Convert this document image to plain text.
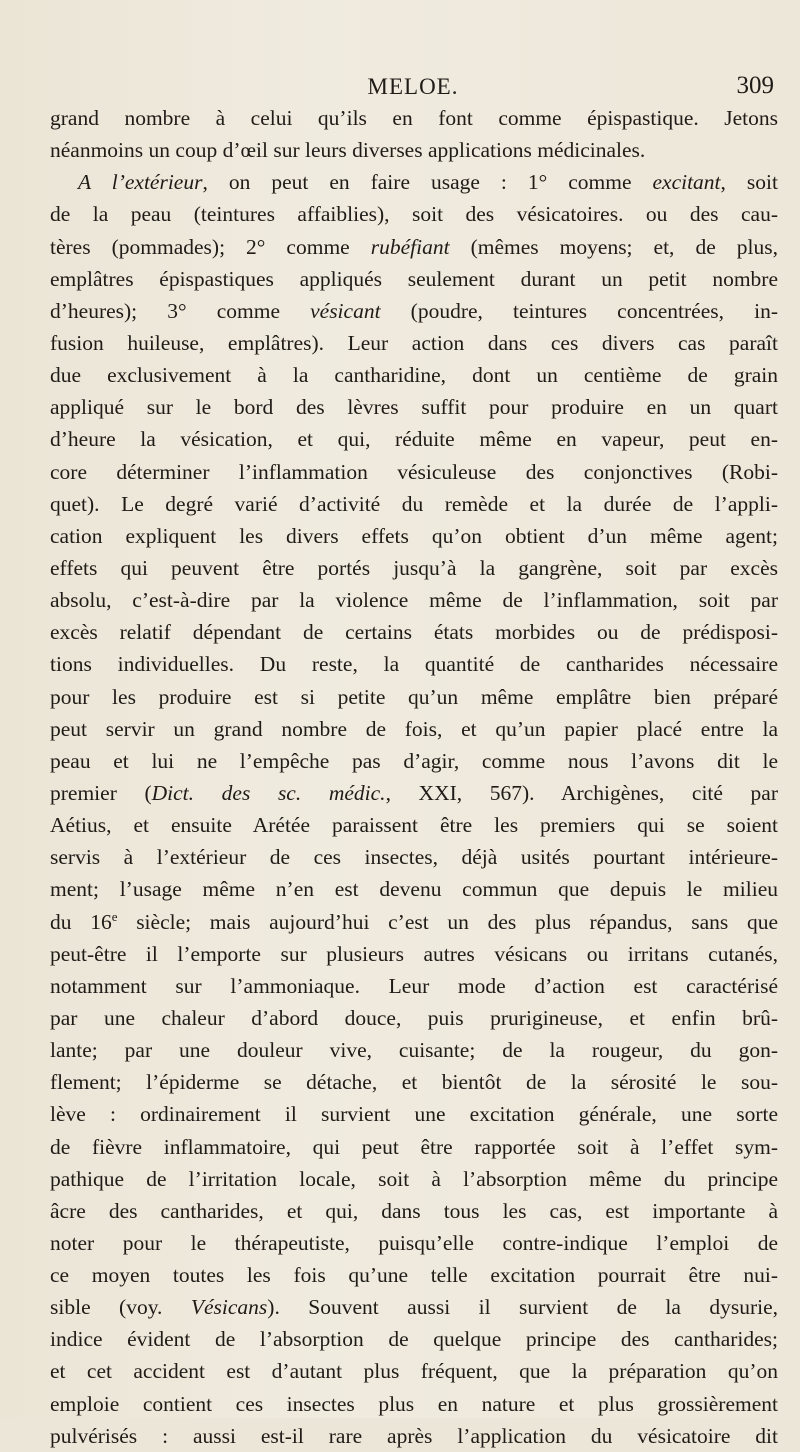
MELOE.	309
grand nombre à celui qu’ils en font comme épispastique. Jetons
néanmoins un coup d’œil sur leurs diverses applications médicinales.
A l’extérieur, on peut en faire usage : 1° comme excitant, soit
de la peau (teintures affaiblies), soit des vésicatoires. ou des cau-
tères (pommades); 2° comme rubéfiant (mêmes moyens; et, de plus,
emplâtres épispastiques appliqués seulement durant un petit nombre
d’heures); 3° comme vésicant (poudre, teintures concentrées, in-
fusion huileuse, emplâtres). Leur action dans ces divers cas paraît
due exclusivement à la cantharidine, dont un centième de grain
appliqué sur le bord des lèvres suffit pour produire en un quart
d’heure la vésication, et qui, réduite même en vapeur, peut en-
core déterminer l’inflammation vésiculeuse des conjonctives (Robi-
quet). Le degré varié d’activité du remède et la durée de l’appli-
cation expliquent les divers effets qu’on obtient d’un même agent;
effets qui peuvent être portés jusqu’à la gangrène, soit par excès
absolu, c’est-à-dire par la violence même de l’inflammation, soit par
excès relatif dépendant de certains états morbides ou de prédisposi-
tions individuelles. Du reste, la quantité de cantharides nécessaire
pour les produire est si petite qu’un même emplâtre bien préparé
peut servir un grand nombre de fois, et qu’un papier placé entre la
peau et lui ne l’empêche pas d’agir, comme nous l’avons dit le
premier (Dict. des sc. médic., XXI, 567). Archigènes, cité par
Aétius, et ensuite Arétée paraissent être les premiers qui se soient
servis à l’extérieur de ces insectes, déjà usités pourtant intérieure-
ment; l’usage même n’en est devenu commun que depuis le milieu
du 16e siècle; mais aujourd’hui c’est un des plus répandus, sans que
peut-être il l’emporte sur plusieurs autres vésicans ou irritans cutanés,
notamment sur l’ammoniaque. Leur mode d’action est caractérisé
par une chaleur d’abord douce, puis prurigineuse, et enfin brû-
lante; par une douleur vive, cuisante; de la rougeur, du gon-
flement; l’épiderme se détache, et bientôt de la sérosité le sou-
lève : ordinairement il survient une excitation générale, une sorte
de fièvre inflammatoire, qui peut être rapportée soit à l’effet sym-
pathique de l’irritation locale, soit à l’absorption même du principe
âcre des cantharides, et qui, dans tous les cas, est importante à
noter pour le thérapeutiste, puisqu’elle contre-indique l’emploi de
ce moyen toutes les fois qu’une telle excitation pourrait être nui-
sible (voy. Vésicans). Souvent aussi il survient de la dysurie,
indice évident de l’absorption de quelque principe des cantharides;
et cet accident est d’autant plus fréquent, que la préparation qu’on
emploie contient ces insectes plus en nature et plus grossièrement
pulvérisés : aussi est-il rare après l’application du vésicatoire dit
